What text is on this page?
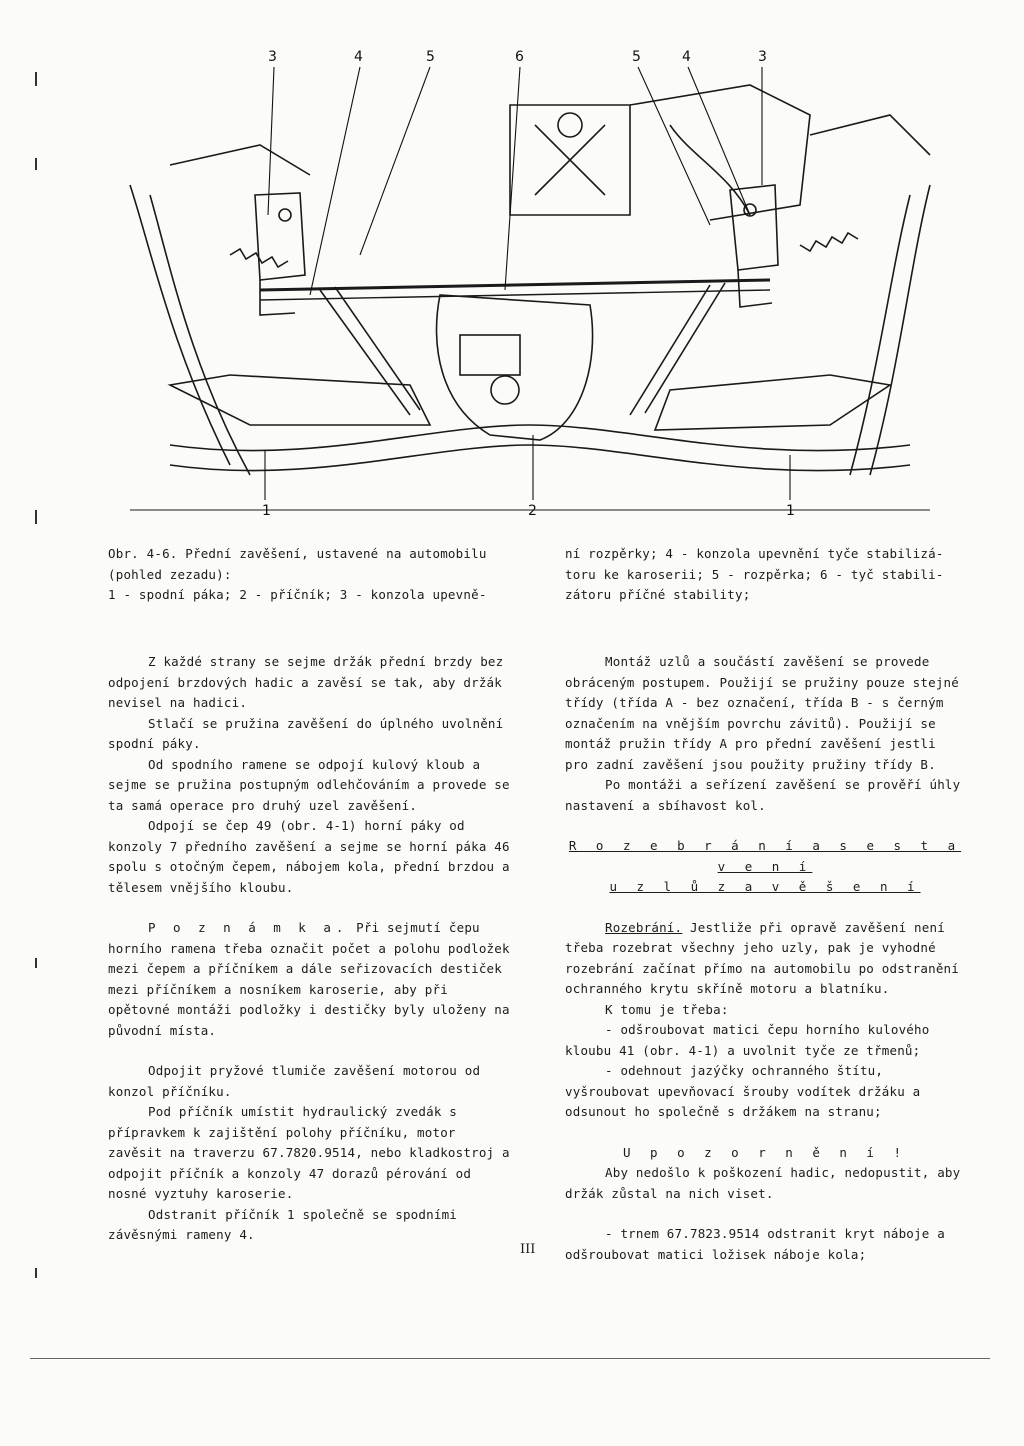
3	4	5	6	5	4	3
1	2	1
Obr. 4-6. Přední zavěšení, ustavené na automobilu
(pohled zezadu):
1 - spodní páka; 2 - příčník; 3 - konzola upevně-
ní rozpěrky; 4 - konzola upevnění tyče stabilizá-
toru ke karoserii; 5 - rozpěrka; 6 - tyč stabili-
zátoru příčné stability;

Z každé strany se sejme držák přední brzdy bez odpojení brzdových hadic a zavěsí se tak, aby držák nevisel na hadici.

Stlačí se pružina zavěšení do úplného uvolnění spodní páky.

Od spodního ramene se odpojí kulový kloub a sejme se pružina postupným odlehčováním a provede se ta samá operace pro druhý uzel zavěšení.

Odpojí se čep 49 (obr. 4-1) horní páky od konzoly 7 předního zavěšení a sejme se horní páka 46 spolu s otočným čepem, nábojem kola, přední brzdou a tělesem vnějšího kloubu.

P o z n á m k a. Při sejmutí čepu horního ramena třeba označit počet a polohu podložek mezi čepem a příčníkem a dále seřizovacích destiček mezi příčníkem a nosníkem karoserie, aby při opětovné montáži podložky i destičky byly uloženy na původní místa.

Odpojit pryžové tlumiče zavěšení motorou od konzol příčníku.

Pod příčník umístit hydraulický zvedák s přípravkem k zajištění polohy příčníku, motor zavěsit na traverzu 67.7820.9514, nebo kladkostroj a odpojit příčník a konzoly 47 dorazů pérování od nosné vyztuhy karoserie.

Odstranit příčník 1 společně se spodními závěsnými rameny 4.

Montáž uzlů a součástí zavěšení se provede obráceným postupem. Použijí se pružiny pouze stejné třídy (třída A - bez označení, třída B - s černým označením na vnějším povrchu závitů). Použijí se montáž pružin třídy A pro přední zavěšení jestli pro zadní zavěšení jsou použity pružiny třídy B.

Po montáži a seřízení zavěšení se prověří úhly nastavení a sbíhavost kol.

R o z e b r á n í a s e s t a v e n í

u z l ů z a v ě š e n í

Rozebrání. Jestliže při opravě zavěšení není třeba rozebrat všechny jeho uzly, pak je vyhodné rozebrání začínat přímo na automobilu po odstranění ochranného krytu skříně motoru a blatníku.

K tomu je třeba:

- odšroubovat matici čepu horního kulového kloubu 41 (obr. 4-1) a uvolnit tyče ze třmenů;

- odehnout jazýčky ochranného štítu, vyšroubovat upevňovací šrouby vodítek držáku a odsunout ho společně s držákem na stranu;

U p o z o r n ě n í !

Aby nedošlo k poškození hadic, nedopustit, aby držák zůstal na nich viset.

- trnem 67.7823.9514 odstranit kryt náboje a odšroubovat matici ložisek náboje kola;

III
